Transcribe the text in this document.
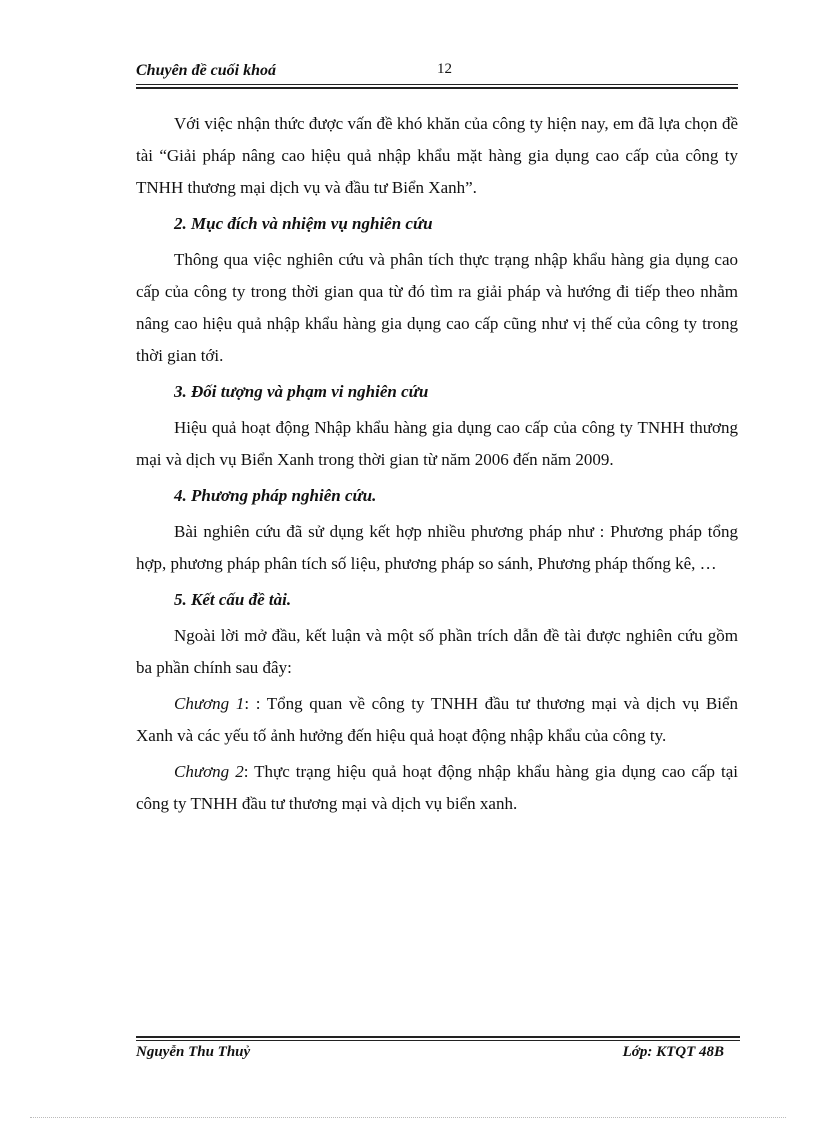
Chuyên đề cuối khoá	12

Với việc nhận thức được vấn đề khó khăn của công ty hiện nay, em đã lựa chọn đề tài “Giải pháp nâng cao hiệu quả nhập khẩu mặt hàng gia dụng cao cấp của công ty TNHH thương mại dịch vụ và đầu tư Biển Xanh”.

2. Mục đích và nhiệm vụ nghiên cứu

Thông qua việc nghiên cứu và phân tích thực trạng nhập khẩu hàng gia dụng cao cấp của công ty trong thời gian qua từ đó tìm ra giải pháp và hướng đi tiếp theo nhằm nâng cao hiệu quả nhập khẩu hàng gia dụng cao cấp cũng như vị thế của công ty trong thời gian tới.

3. Đối tượng và phạm vi nghiên cứu

Hiệu quả hoạt động Nhập khẩu hàng gia dụng cao cấp của công ty TNHH thương mại và dịch vụ Biển Xanh trong thời gian từ năm 2006 đến năm 2009.

4. Phương pháp nghiên cứu.

Bài nghiên cứu đã sử dụng kết hợp nhiều phương pháp như : Phương pháp tổng hợp, phương pháp phân tích số liệu, phương pháp so sánh, Phương pháp thống kê, …

5. Kết cấu đề tài.

Ngoài lời mở đầu, kết luận và một số phần trích dẫn đề tài được nghiên cứu gồm ba phần chính sau đây:

Chương 1: : Tổng quan về công ty TNHH đầu tư thương mại và dịch vụ Biển Xanh và các yếu tố ảnh hưởng đến hiệu quả hoạt động nhập khẩu của công ty.

Chương 2: Thực trạng hiệu quả hoạt động nhập khẩu hàng gia dụng cao cấp tại công ty TNHH đầu tư thương mại và dịch vụ biển xanh.

Nguyễn Thu Thuỷ	Lớp: KTQT 48B
